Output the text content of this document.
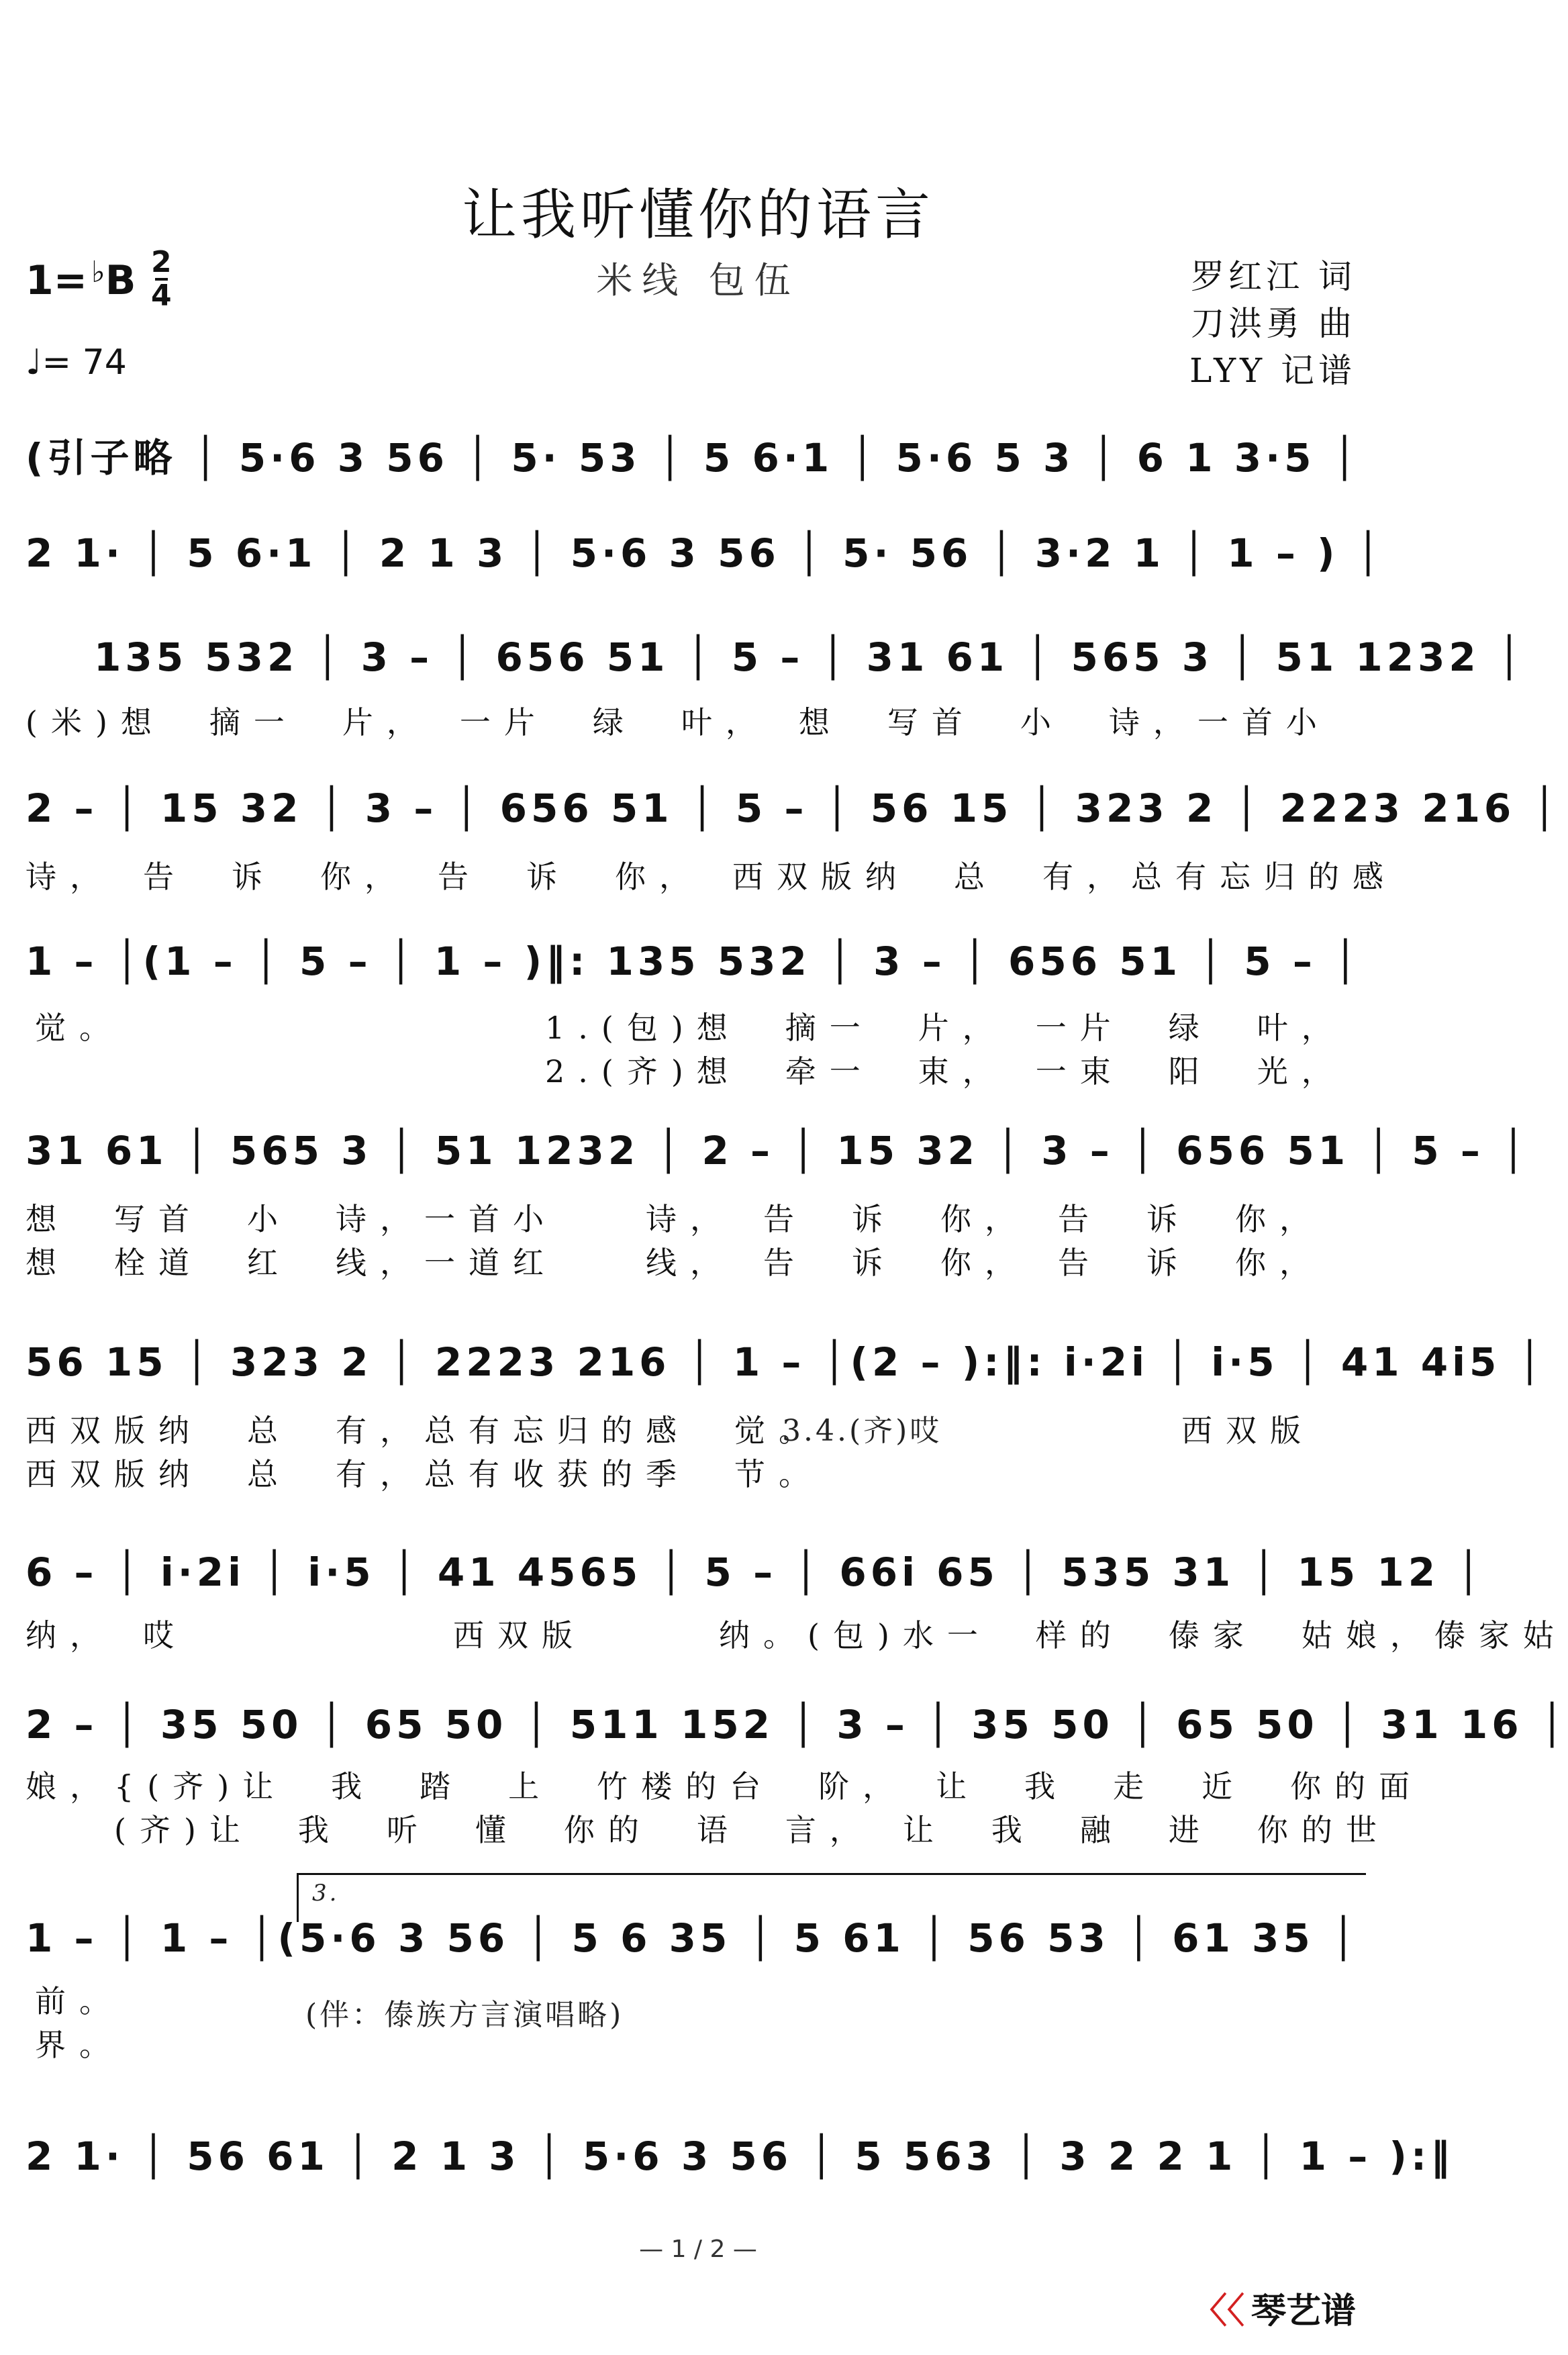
让我听懂你的语言
米线 包伍
1= ♭B 2
4
♩= 74
罗红江 词
刀洪勇 曲
LYY 记谱
(引子略 │ 5·6 3 56 │ 5· 53 │ 5 6·1 │ 5·6 5 3 │ 6 1 3·5 │
2 1· │ 5 6·1 │ 2 1 3 │ 5·6 3 56 │ 5· 56 │ 3·2 1 │ 1 – ) │
135 532 │ 3 – │ 656 51 │ 5 – │ 31 61 │ 565 3 │ 51 1232 │
(米)想　摘一　片，　一片　绿　叶，　想　写首　小　诗，一首小
2 – │ 15 32 │ 3 – │ 656 51 │ 5 – │ 56 15 │ 323 2 │ 2223 216 │
诗，　告　诉　你，　告　诉　你，　西双版纳　总　有，总有忘归的感
1 – │(1 – │ 5 – │ 1 – )‖: 135 532 │ 3 – │ 656 51 │ 5 – │
觉。	1.(包)想　摘一　片，　一片　绿　叶，
2.(齐)想　牵一　束，　一束　阳　光，
31 61 │ 565 3 │ 51 1232 │ 2 – │ 15 32 │ 3 – │ 656 51 │ 5 – │
想　写首　小　诗，一首小　　诗，　告　诉　你，　告　诉　你，
想　栓道　红　线，一道红　　线，　告　诉　你，　告　诉　你，
56 15 │ 323 2 │ 2223 216 │ 1 – │(2 – ):‖: i·2i │ i·5 │ 41 4i5 │
西双版纳　总　有，总有忘归的感　觉。
西双版纳　总　有，总有收获的季　节。
3.4.(齐)哎	西双版
6 – │ i·2i │ i·5 │ 41 4565 │ 5 – │ 66i 65 │ 535 31 │ 15 12 │
纳，　哎　　　　　　西双版　　　纳。(包)水一　样的　傣家　姑娘，傣家姑
2 – │ 35 50 │ 65 50 │ 511 152 │ 3 – │ 35 50 │ 65 50 │ 31 16 │
娘，{(齐)让　我　踏　上　竹楼的台　阶，　让　我　走　近　你的面
　　(齐)让　我　听　懂　你的　语　言，　让　我　融　进　你的世
3.
1 – │ 1 – │(5·6 3 56 │ 5 6 35 │ 5 61 │ 56 53 │ 61 35 │
前。
界。
(伴：傣族方言演唱略)
2 1· │ 56 61 │ 2 1 3 │ 5·6 3 56 │ 5 563 │ 3 2 2 1 │ 1 – ):‖
— 1 / 2 —
〈〈 琴艺谱
